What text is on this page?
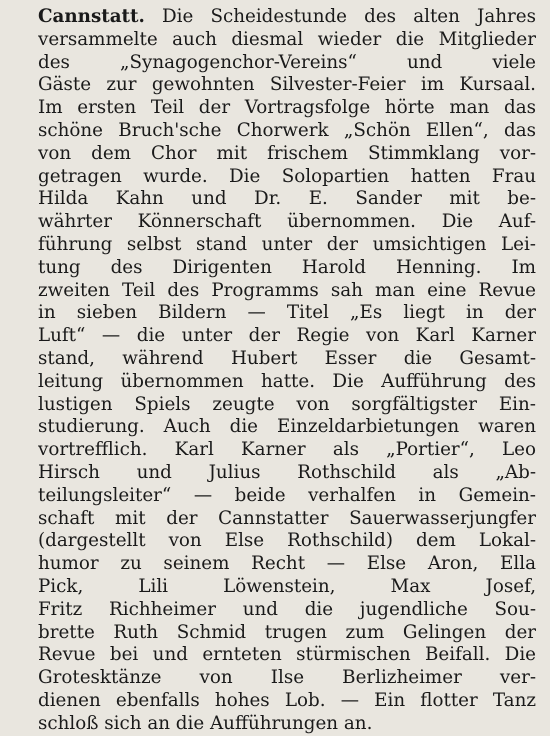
Cannstatt. Die Scheidestunde des alten Jahres
versammelte auch diesmal wieder die Mitglieder
des „Synagogenchor-Vereins“ und viele
Gäste zur gewohnten Silvester-Feier im Kursaal.
Im ersten Teil der Vortragsfolge hörte man das
schöne Bruch'sche Chorwerk „Schön Ellen“, das
von dem Chor mit frischem Stimmklang vor-
getragen wurde. Die Solopartien hatten Frau
Hilda Kahn und Dr. E. Sander mit be-
währter Könnerschaft übernommen. Die Auf-
führung selbst stand unter der umsichtigen Lei-
tung des Dirigenten Harold Henning. Im
zweiten Teil des Programms sah man eine Revue
in sieben Bildern — Titel „Es liegt in der
Luft“ — die unter der Regie von Karl Karner
stand, während Hubert Esser die Gesamt-
leitung übernommen hatte. Die Aufführung des
lustigen Spiels zeugte von sorgfältigster Ein-
studierung. Auch die Einzeldarbietungen waren
vortrefflich. Karl Karner als „Portier“, Leo
Hirsch und Julius Rothschild als „Ab-
teilungsleiter“ — beide verhalfen in Gemein-
schaft mit der Cannstatter Sauerwasserjungfer
(dargestellt von Else Rothschild) dem Lokal-
humor zu seinem Recht — Else Aron, Ella
Pick, Lili Löwenstein, Max Josef,
Fritz Richheimer und die jugendliche Sou-
brette Ruth Schmid trugen zum Gelingen der
Revue bei und ernteten stürmischen Beifall. Die
Grotesktänze von Ilse Berlizheimer ver-
dienen ebenfalls hohes Lob. — Ein flotter Tanz
schloß sich an die Aufführungen an.
